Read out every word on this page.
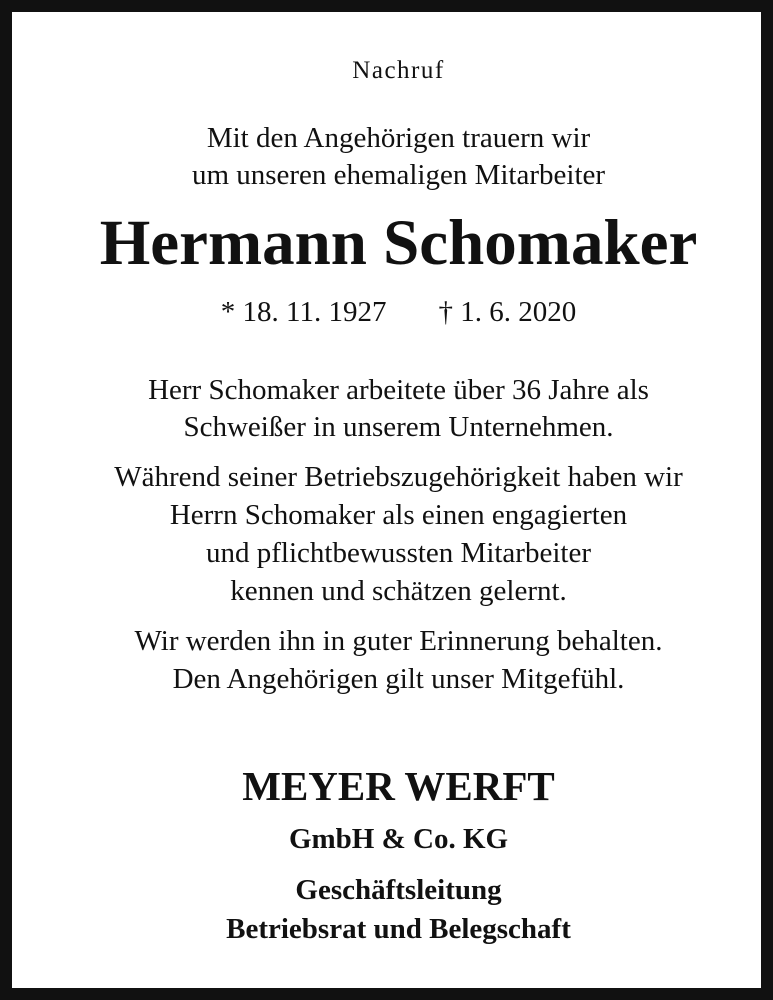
Nachruf
Mit den Angehörigen trauern wir
um unseren ehemaligen Mitarbeiter
Hermann Schomaker
* 18. 11. 1927 † 1. 6. 2020
Herr Schomaker arbeitete über 36 Jahre als
Schweißer in unserem Unternehmen.
Während seiner Betriebszugehörigkeit haben wir
Herrn Schomaker als einen engagierten
und pflichtbewussten Mitarbeiter
kennen und schätzen gelernt.
Wir werden ihn in guter Erinnerung behalten.
Den Angehörigen gilt unser Mitgefühl.
MEYER WERFT
GmbH & Co. KG
Geschäftsleitung
Betriebsrat und Belegschaft
